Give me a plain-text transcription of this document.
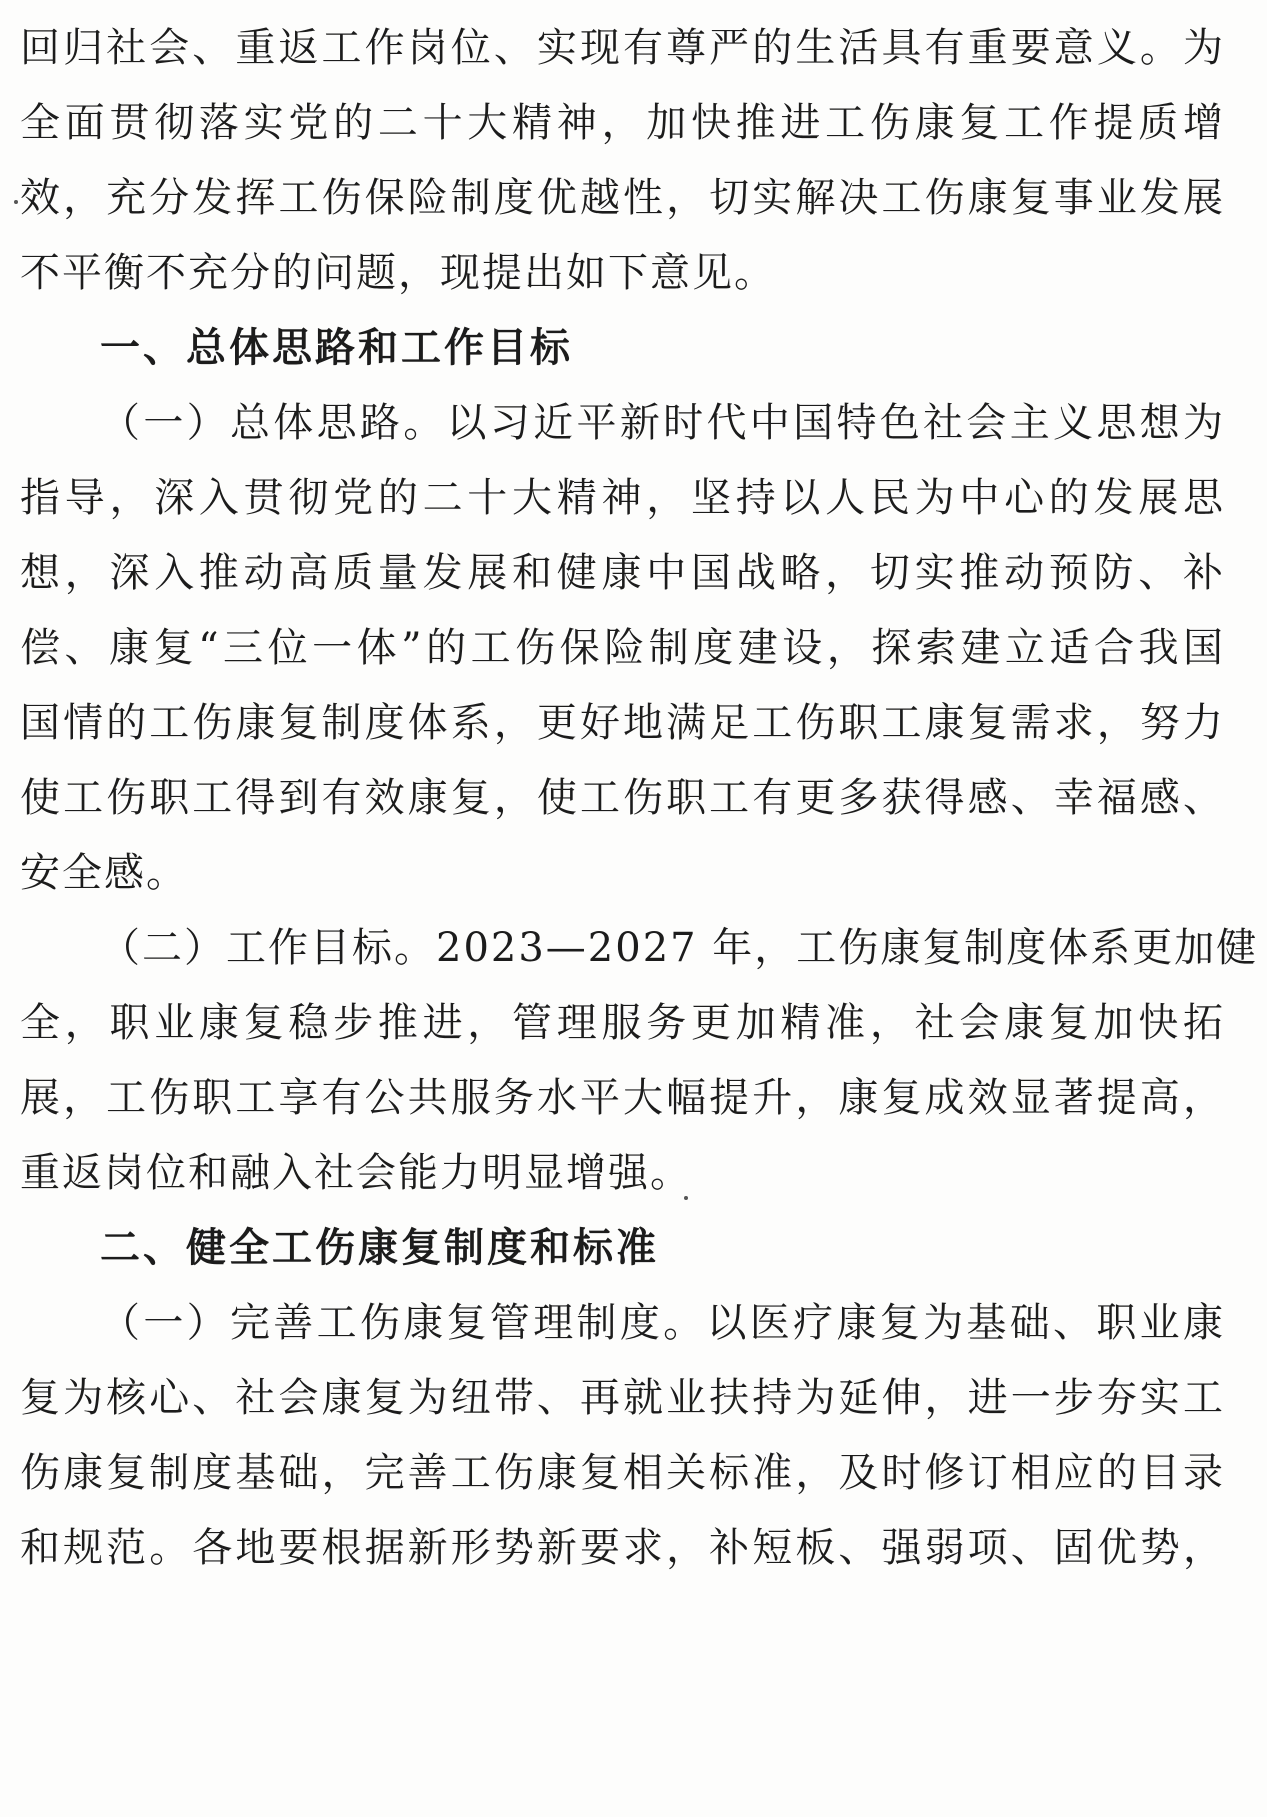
回归社会、重返工作岗位、实现有尊严的生活具有重要意义。为
全面贯彻落实党的二十大精神，加快推进工伤康复工作提质增
效，充分发挥工伤保险制度优越性，切实解决工伤康复事业发展
不平衡不充分的问题，现提出如下意见。
一、总体思路和工作目标
（一）总体思路。以习近平新时代中国特色社会主义思想为
指导，深入贯彻党的二十大精神，坚持以人民为中心的发展思
想，深入推动高质量发展和健康中国战略，切实推动预防、补
偿、康复“三位一体”的工伤保险制度建设，探索建立适合我国
国情的工伤康复制度体系，更好地满足工伤职工康复需求，努力
使工伤职工得到有效康复，使工伤职工有更多获得感、幸福感、
安全感。
（二）工作目标。2023—2027 年，工伤康复制度体系更加健
全，职业康复稳步推进，管理服务更加精准，社会康复加快拓
展，工伤职工享有公共服务水平大幅提升，康复成效显著提高，
重返岗位和融入社会能力明显增强。
二、健全工伤康复制度和标准
（一）完善工伤康复管理制度。以医疗康复为基础、职业康
复为核心、社会康复为纽带、再就业扶持为延伸，进一步夯实工
伤康复制度基础，完善工伤康复相关标准，及时修订相应的目录
和规范。各地要根据新形势新要求，补短板、强弱项、固优势，
